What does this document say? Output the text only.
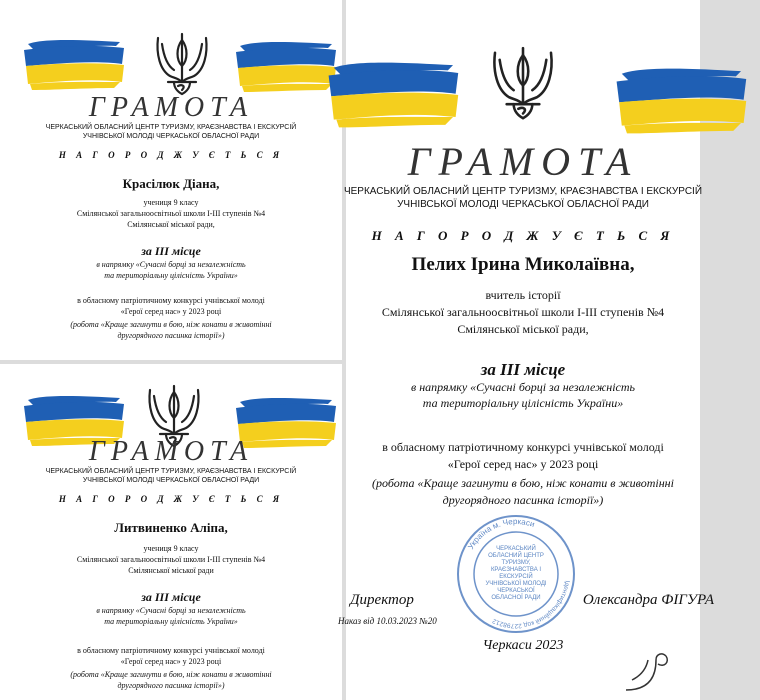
ГРАМОТА
ЧЕРКАСЬКИЙ ОБЛАСНИЙ ЦЕНТР ТУРИЗМУ, КРАЄЗНАВСТВА І ЕКСКУРСІЙ
УЧНІВСЬКОЇ МОЛОДІ ЧЕРКАСЬКОЇ ОБЛАСНОЇ РАДИ
Н А Г О Р О Д Ж У Є Т Ь С Я
Красілюк Діана,
учениця 9 класу
Смілянської загальноосвітньої школи І-ІІІ ступенів №4
Смілянської міської ради,
за ІІІ місце
в напрямку «Сучасні борці за незалежність
та територіальну цілісність України»
в обласному патріотичному конкурсі учнівської молоді
«Герої серед нас» у 2023 році
(робота «Краще загинути в бою, ніж конати в животінні
другорядного пасинка історії»)
ГРАМОТА
ЧЕРКАСЬКИЙ ОБЛАСНИЙ ЦЕНТР ТУРИЗМУ, КРАЄЗНАВСТВА І ЕКСКУРСІЙ
УЧНІВСЬКОЇ МОЛОДІ ЧЕРКАСЬКОЇ ОБЛАСНОЇ РАДИ
Н А Г О Р О Д Ж У Є Т Ь С Я
Литвиненко Аліпа,
учениця 9 класу
Смілянської загальноосвітньої школи І-ІІІ ступенів №4
Смілянської міської ради
за ІІІ місце
в напрямку «Сучасні борці за незалежність
та територіальну цілісність України»
в обласному патріотичному конкурсі учнівської молоді
«Герої серед нас» у 2023 році
(робота «Краще загинути в бою, ніж конати в животінні
другорядного пасинка історії»)
ГРАМОТА
ЧЕРКАСЬКИЙ ОБЛАСНИЙ ЦЕНТР ТУРИЗМУ, КРАЄЗНАВСТВА І ЕКСКУРСІЙ
УЧНІВСЬКОЇ МОЛОДІ ЧЕРКАСЬКОЇ ОБЛАСНОЇ РАДИ
Н А Г О Р О Д Ж У Є Т Ь С Я
Пелих Ірина Миколаївна,
вчитель історії
Смілянської загальноосвітньої школи І-ІІІ ступенів №4
Смілянської міської ради,
за ІІІ місце
в напрямку «Сучасні борці за незалежність
та територіальну цілісність України»
в обласному патріотичному конкурсі учнівської молоді
«Герої серед нас» у 2023 році
(робота «Краще загинути в бою, ніж конати в животінні
другорядного пасинка історії»)
Україна м. Черкаси
Ідентифікаційний код 22798212
ЧЕРКАСЬКИЙ ОБЛАСНИЙ ЦЕНТР ТУРИЗМУ, КРАЄЗНАВСТВА І ЕКСКУРСІЙ УЧНІВСЬКОЇ МОЛОДІ ЧЕРКАСЬКОЇ ОБЛАСНОЇ РАДИ
Директор	Олександра ФІГУРА
Наказ від 10.03.2023 №20
Черкаси 2023
